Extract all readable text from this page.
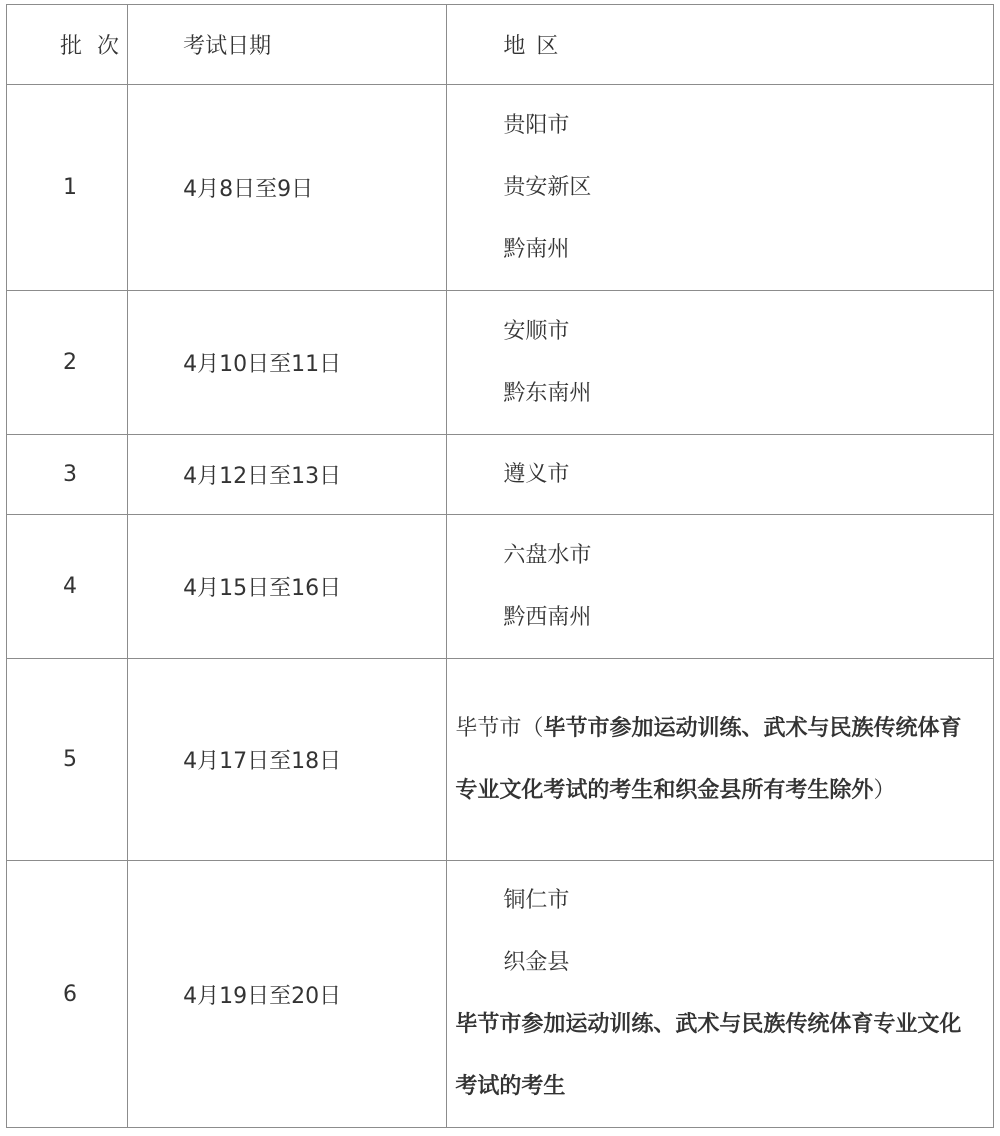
批 次	考试日期	地 区
1	4月8日至9日	贵阳市
贵安新区
黔南州

2	4月10日至11日	安顺市
黔东南州

3	4月12日至13日	遵义市

4	4月15日至16日	六盘水市
黔西南州

5	4月17日至18日	毕节市（毕节市参加运动训练、武术与民族传统体育专业文化考试的考生和织金县所有考生除外）

6	4月19日至20日	铜仁市
织金县
毕节市参加运动训练、武术与民族传统体育专业文化考试的考生
